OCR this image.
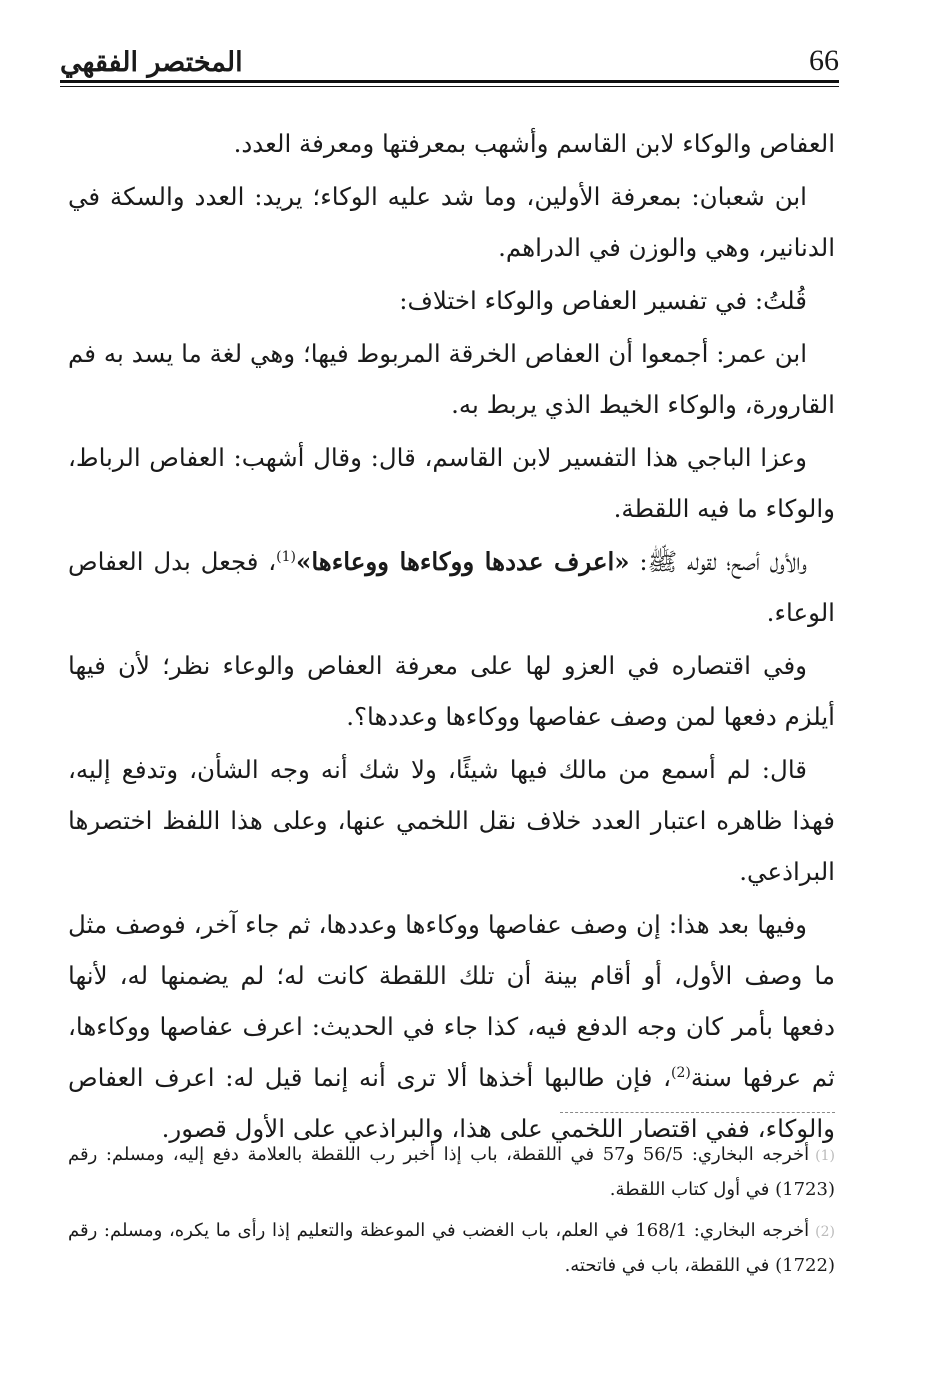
المختصر الفقهي	66

العفاص والوكاء لابن القاسم وأشهب بمعرفتها ومعرفة العدد.

ابن شعبان: بمعرفة الأولين، وما شد عليه الوكاء؛ يريد: العدد والسكة في الدنانير، وهي والوزن في الدراهم.

قُلتُ: في تفسير العفاص والوكاء اختلاف:

ابن عمر: أجمعوا أن العفاص الخرقة المربوط فيها؛ وهي لغة ما يسد به فم القارورة، والوكاء الخيط الذي يربط به.

وعزا الباجي هذا التفسير لابن القاسم، قال: وقال أشهب: العفاص الرباط، والوكاء ما فيه اللقطة.

والأول أصح؛ لقوله ﷺ: «اعرف عددها ووكاءها ووعاءها»$^{(1)}$، فجعل بدل العفاص الوعاء.

وفي اقتصاره في العزو لها على معرفة العفاص والوعاء نظر؛ لأن فيها أيلزم دفعها لمن وصف عفاصها ووكاءها وعددها؟.

قال: لم أسمع من مالك فيها شيئًا، ولا شك أنه وجه الشأن، وتدفع إليه، فهذا ظاهره اعتبار العدد خلاف نقل اللخمي عنها، وعلى هذا اللفظ اختصرها البراذعي.

وفيها بعد هذا: إن وصف عفاصها ووكاءها وعددها، ثم جاء آخر، فوصف مثل ما وصف الأول، أو أقام بينة أن تلك اللقطة كانت له؛ لم يضمنها له، لأنها دفعها بأمر كان وجه الدفع فيه، كذا جاء في الحديث: اعرف عفاصها ووكاءها، ثم عرفها سنة$^{(2)}$، فإن طالبها أخذها ألا ترى أنه إنما قيل له: اعرف العفاص والوكاء، ففي اقتصار اللخمي على هذا، والبراذعي على الأول قصور.

(1)أخرجه البخاري: 56/5 و57 في اللقطة، باب إذا أخبر رب اللقطة بالعلامة دفع إليه، ومسلم: رقم (1723) في أول كتاب اللقطة.

(2)أخرجه البخاري: 168/1 في العلم، باب الغضب في الموعظة والتعليم إذا رأى ما يكره، ومسلم: رقم (1722) في اللقطة، باب في فاتحته.
